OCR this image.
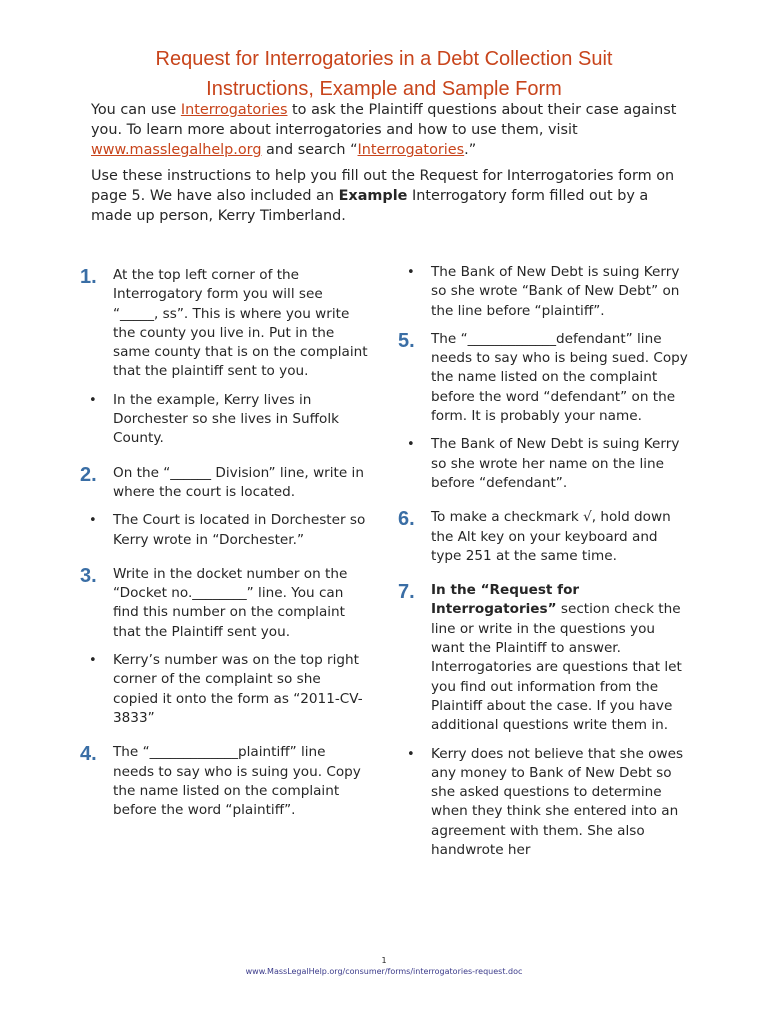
Request for Interrogatories in a Debt Collection Suit
Instructions, Example and Sample Form
You can use Interrogatories to ask the Plaintiff questions about their case against you. To learn more about interrogatories and how to use them, visit www.masslegalhelp.org and search “Interrogatories.”
Use these instructions to help you fill out the Request for Interrogatories form on page 5. We have also included an Example Interrogatory form filled out by a made up person, Kerry Timberland.
1. At the top left corner of the Interrogatory form you will see “_____, ss”. This is where you write the county you live in. Put in the same county that is on the complaint that the plaintiff sent to you.
• In the example, Kerry lives in Dorchester so she lives in Suffolk County.
2. On the “______ Division” line, write in where the court is located.
• The Court is located in Dorchester so Kerry wrote in “Dorchester.”
3. Write in the docket number on the “Docket no.________” line. You can find this number on the complaint that the Plaintiff sent you.
• Kerry’s number was on the top right corner of the complaint so she copied it onto the form as “2011-CV-3833”
4. The “_____________plaintiff” line needs to say who is suing you. Copy the name listed on the complaint before the word “plaintiff”.
• The Bank of New Debt is suing Kerry so she wrote “Bank of New Debt” on the line before “plaintiff”.
5. The “_____________defendant” line needs to say who is being sued. Copy the name listed on the complaint before the word “defendant” on the form. It is probably your name.
• The Bank of New Debt is suing Kerry so she wrote her name on the line before “defendant”.
6. To make a checkmark √, hold down the Alt key on your keyboard and type 251 at the same time.
7. In the “Request for Interrogatories” section check the line or write in the questions you want the Plaintiff to answer. Interrogatories are questions that let you find out information from the Plaintiff about the case. If you have additional questions write them in.
• Kerry does not believe that she owes any money to Bank of New Debt so she asked questions to determine when they think she entered into an agreement with them. She also handwrote her
1
www.MassLegalHelp.org/consumer/forms/interrogatories-request.doc
